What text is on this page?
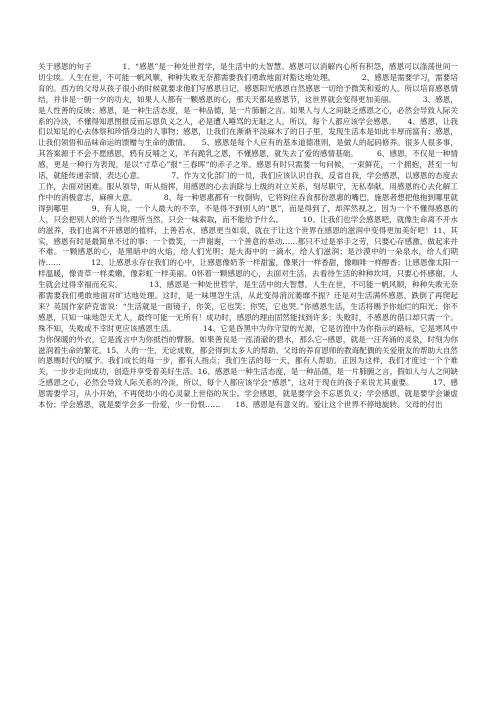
关于感恩的句子　　　　1、“感恩”是一种处世哲学，是生活中的大智慧。感恩可以消解内心所有积怨，感恩可以涤荡世间一切尘埃。人生在世，不可能一帆风顺，种种失败无奈都需要我们勇敢地面对豁达地处理。　　　　2、感恩是需要学习，需要培育的。西方的父母从孩子很小的时候就要求他们写感恩日记，感恩阳光感恩自然感恩一切给予微笑和爱的人。所以培育感恩情结，并非是一朝一夕的功夫，如果人人都有一颗感恩的心，那天天都是感恩节，这世界就会变得更加美丽。　　　　3、感恩，是人性善的反映；感恩，是一种生活态度，是一种品德，是一片肺腑之言。如果人与人之间缺乏感恩之心，必然会导致人际关系的冷淡，不懂得知恩图报反而忘恩负义之人，必是遭人唾骂的无耻之人，所以，每个人都应该学会感恩。　　4、感恩，让我们以知足的心去体察和珍惜身边的人事物；感恩，让我们在渐渐平淡麻木了的日子里，发现生活本是如此丰厚而富有；感恩，让我们领悟和品味命运的馈赠与生命的激情。　　5、感恩是每个人应有的基本道德准则，是做人的起码修养。很多人很多事，其答案源于不会不愿感恩，鸦有反哺之义，羊有跪乳之恩，不懂感恩，就失去了爱的感情基础。　　　6、感恩，不仅是一种情感，更是一种行为表现，是以“寸草心”报“三春晖”的赤子之举。感恩有时只需要一句问候，一束鲜花，一个拥抱，甚至一句话，就能传递亲情，表达心意。　　　　7、作为文化部门的一员，我们应该认识自我，反省自我，学会感恩，以感恩的态度去工作，去面对困难。服从领导，听从指挥，用感恩的心去消除与上级的对立关系，刻尽职守，无私奉献，用感恩的心去化解工作中的消极意志，麻痹大意。　　　　8、每一种恩惠都有一枚倒钩，它将钩住吞食那份恩惠的嘴巴，施恩者想把他拖到哪里就得到哪里　　　9、有人说，一个人最大的不幸，不是得不到别人的“恩”，而是得到了，却浑然视之。因为一个不懂得感恩的人，只会把别人的给予当作理所当然，只会一味索取，而不能给予什么。　　　10、让我们也学会感恩吧，就像生命离不开水的滋养，我们也离不开感恩的植样，上善若水，感恩更当如泉，就在于让这个世界在感恩的滋润中变得更加美好吧！11、其实，感恩有时是最简单不过的事：一个微笑，一声谢谢，一个善意的举动……都只不过是举手之劳，只要心存感激，做起来并不难。一颗感恩的心，是黑暗中的火焰，给人们光明；是大海中的一滴水，给人们滋润；是沙漠中的一朵泉水，给人们期待……　　　　12、让感恩永存在我们的心中，让感恩像奶茶一样甜蜜，像果汁一样香甜，像咖啡一样醇香；让感恩像太阳一样温暖，像青草一样柔嫩，像彩虹一样美丽。0怀着一颗感恩的心，去面对生活，去看待生活的种种坎坷，只要心怀感谢，人生就会过得幸福而充实。　　　　13、感恩是一种处世哲学，是生活中的大智慧。人生在世，不可能一帆风顺，种种失败无奈都需要我们勇敢地面对旷达地处理。这时，是一味埋怨生活，从此变得消沉萎靡不振？还是对生活满怀感恩，跌倒了再爬起来？英国作家萨克雷说：“生活就是一面镜子，你笑，它也笑；你哭，它也哭。”你感恩生活，生活将赐予你灿烂的阳光；你不感恩，只知一味地怨天尤人，最终可能一无所有！成功时，感恩的理由固然能找到许多；失败时，不感恩的借口却只需一个。殊不知，失败或不幸时更应该感恩生活。　　　　14、它是昏黑中为你守望的光源，它是彷徨中为你指示的路标，它是寒风中为你保暖的外衣，它是流言中为你抵挡的臂膀。如果善良是一泓清澈的碧水，那么它--感恩，就是一汪奔涌的灵泉，时刻为你滋润着生命的繁花。15、人的一生，无论成败，都会得到太多人的帮助。父母的养育恩师的教诲配偶的关爱朋友的帮助大自然的恩赐时代的赋予。我们成长的每一步，都有人指点；我们生活的每一天，都有人帮助。正因为这样，我们才度过一个个难关，一步步走向成功，创造并享受着美好生活。16、感恩是一种生活态度，是一种品德，是一片肺腑之言，假如人与人之间缺乏感恩之心，必然会导致人际关系的冷淡，所以，每个人都应该学会“感恩”，这对于现在的孩子来说尤其重要。　　　17、感恩需要学习，从小开始，不再使幼小的心灵蒙上世俗的灰尘。学会感恩，就是要学会不忘恩负义；学会感恩，就是要学会谦虚本份；学会感恩，就是要学会多一份爱，少一份恨……　　18、感恩是有意义的。爱让这个世界不停地旋转。父母的付出
